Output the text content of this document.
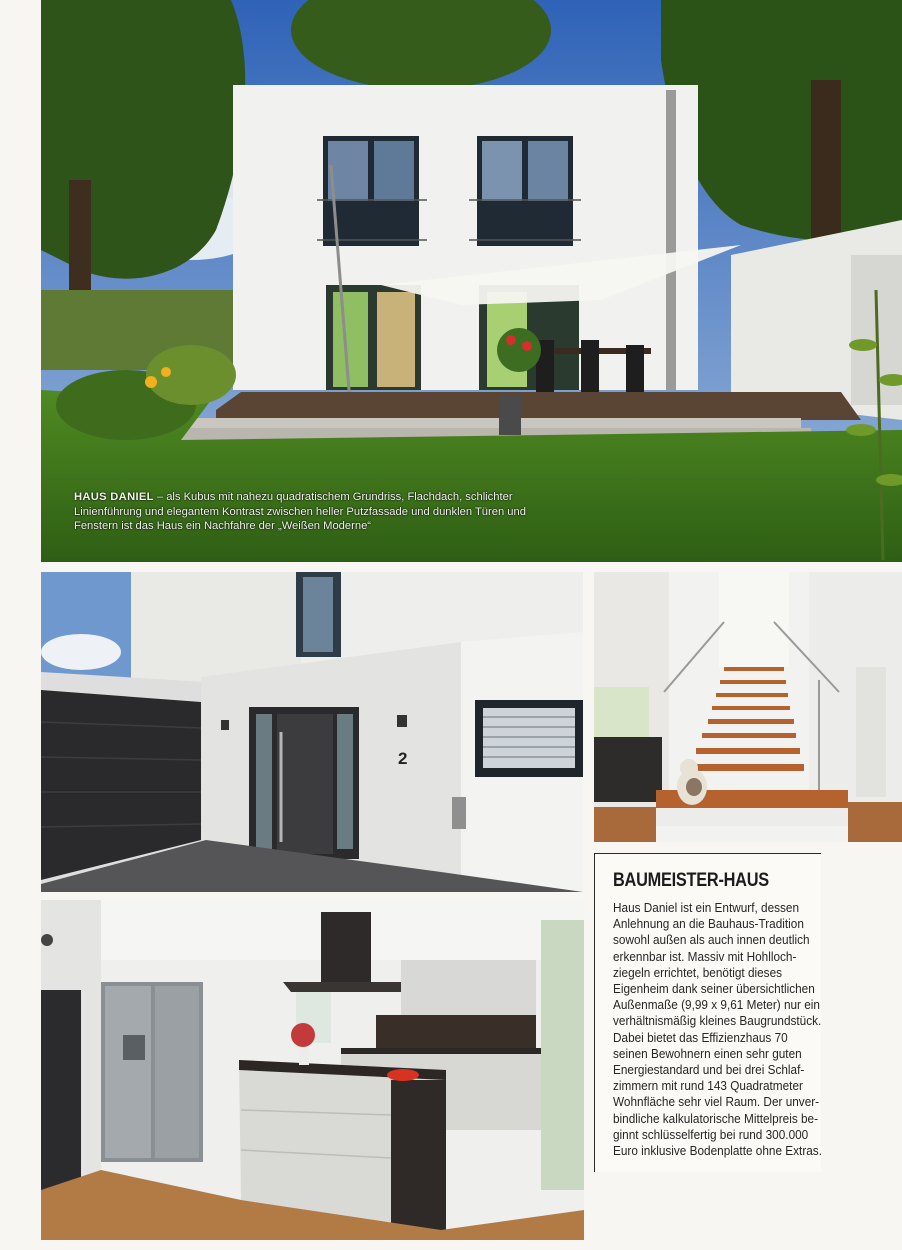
HAUS DANIEL – als Kubus mit nahezu quadratischem Grundriss, Flachdach, schlichter Linienführung und elegantem Kontrast zwischen heller Putzfassade und dunklen Türen und Fenstern ist das Haus ein Nachfahre der „Weißen Moderne“
2
BAUMEISTER-HAUS
Haus Daniel ist ein Entwurf, dessen
Anlehnung an die Bauhaus-Tradition
sowohl außen als auch innen deutlich
erkennbar ist. Massiv mit Hohlloch-
ziegeln errichtet, benötigt dieses
Eigenheim dank seiner übersichtlichen
Außenmaße (9,99 x 9,61 Meter) nur ein
verhältnismäßig kleines Baugrundstück.
Dabei bietet das Effizienzhaus 70
seinen Bewohnern einen sehr guten
Energiestandard und bei drei Schlaf-
zimmern mit rund 143 Quadratmeter
Wohnfläche sehr viel Raum. Der unver-
bindliche kalkulatorische Mittelpreis be-
ginnt schlüsselfertig bei rund 300.000
Euro inklusive Bodenplatte ohne Extras.
